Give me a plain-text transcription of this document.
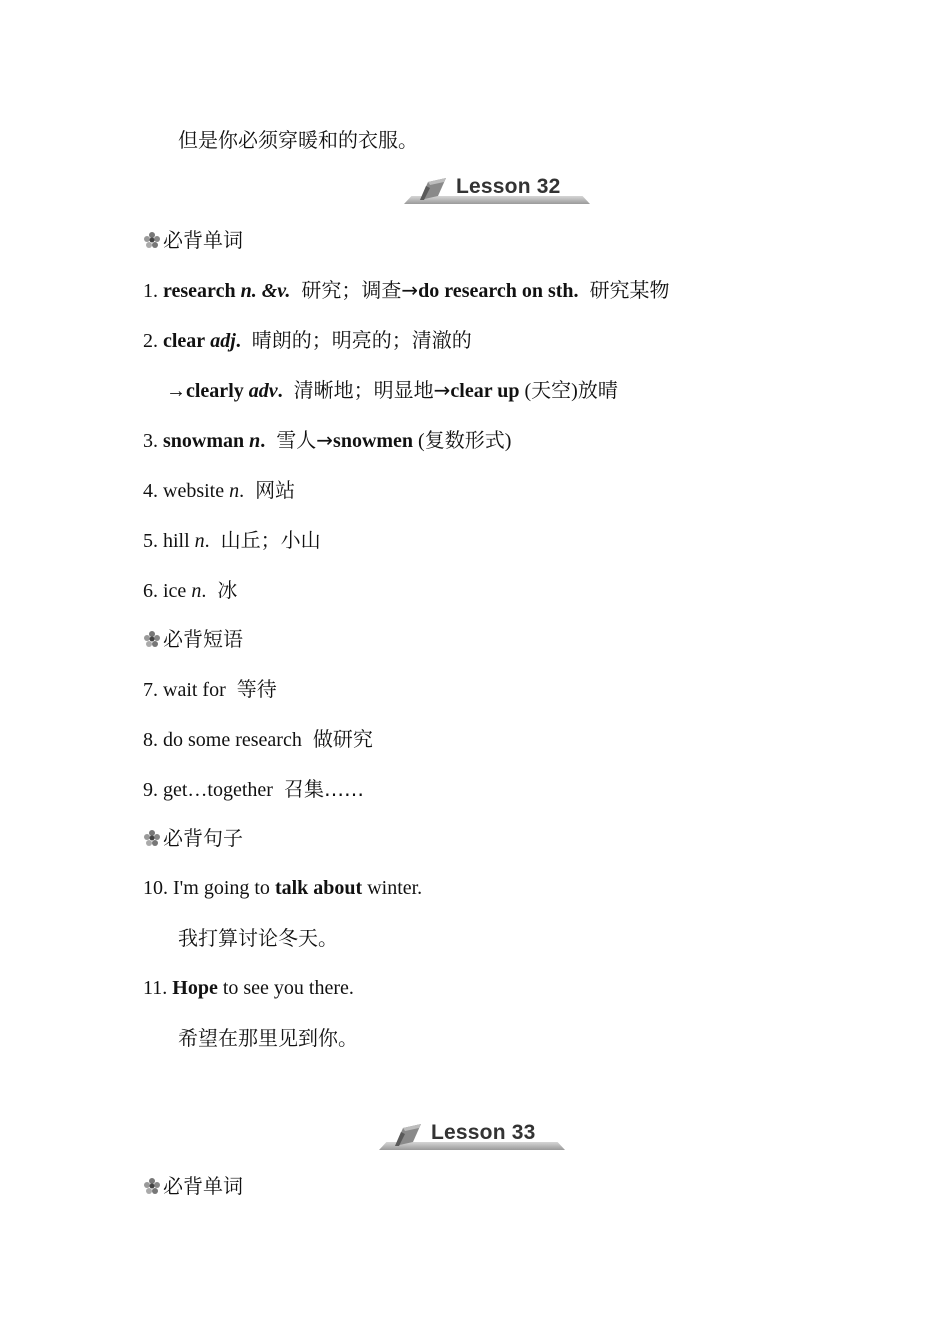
但是你必须穿暖和的衣服。
Lesson 32
必背单词
1. research n. &v. 研究；调查→do research on sth. 研究某物
2. clear adj. 晴朗的；明亮的；清澈的
→clearly adv. 清晰地；明显地→clear up (天空)放晴
3. snowman n. 雪人→snowmen (复数形式)
4. website n. 网站
5. hill n. 山丘；小山
6. ice n. 冰
必背短语
7. wait for 等待
8. do some research 做研究
9. get…together 召集……
必背句子
10. I'm going to talk about winter.
我打算讨论冬天。
11. Hope to see you there.
希望在那里见到你。
Lesson 33
必背单词
